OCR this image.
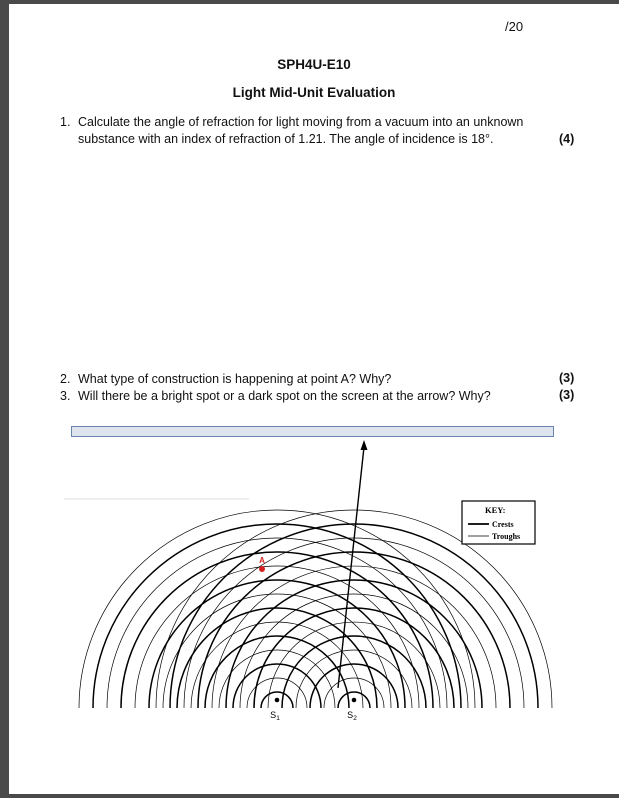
/20
SPH4U-E10
Light Mid-Unit Evaluation
1. Calculate the angle of refraction for light moving from a vacuum into an unknown
substance with an index of refraction of 1.21. The angle of incidence is 18°.	(4)
2. What type of construction is happening at point A? Why?	(3)
3. Will there be a bright spot or a dark spot on the screen at the arrow? Why?	(3)
$S_1$	$S_2$
A
KEY:
Crests
Troughs
